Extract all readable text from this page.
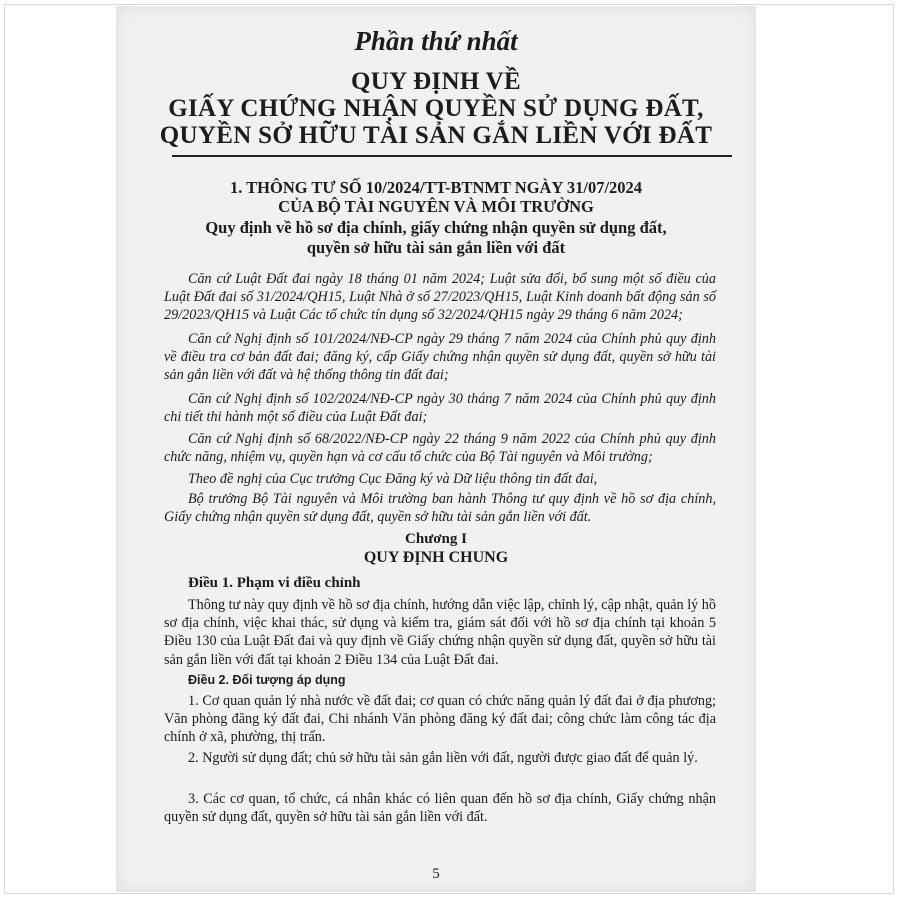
Phần thứ nhất
QUY ĐỊNH VỀ
GIẤY CHỨNG NHẬN QUYỀN SỬ DỤNG ĐẤT,
QUYỀN SỞ HỮU TÀI SẢN GẮN LIỀN VỚI ĐẤT
1. THÔNG TƯ SỐ 10/2024/TT-BTNMT NGÀY 31/07/2024
CỦA BỘ TÀI NGUYÊN VÀ MÔI TRƯỜNG
Quy định về hồ sơ địa chính, giấy chứng nhận quyền sử dụng đất,
quyền sở hữu tài sản gắn liền với đất
Căn cứ Luật Đất đai ngày 18 tháng 01 năm 2024; Luật sửa đổi, bổ sung một số điều của Luật Đất đai số 31/2024/QH15, Luật Nhà ở số 27/2023/QH15, Luật Kinh doanh bất động sản số 29/2023/QH15 và Luật Các tổ chức tín dụng số 32/2024/QH15 ngày 29 tháng 6 năm 2024;
Căn cứ Nghị định số 101/2024/NĐ-CP ngày 29 tháng 7 năm 2024 của Chính phủ quy định về điều tra cơ bản đất đai; đăng ký, cấp Giấy chứng nhận quyền sử dụng đất, quyền sở hữu tài sản gắn liền với đất và hệ thống thông tin đất đai;
Căn cứ Nghị định số 102/2024/NĐ-CP ngày 30 tháng 7 năm 2024 của Chính phủ quy định chi tiết thi hành một số điều của Luật Đất đai;
Căn cứ Nghị định số 68/2022/NĐ-CP ngày 22 tháng 9 năm 2022 của Chính phủ quy định chức năng, nhiệm vụ, quyền hạn và cơ cấu tổ chức của Bộ Tài nguyên và Môi trường;
Theo đề nghị của Cục trưởng Cục Đăng ký và Dữ liệu thông tin đất đai,
Bộ trưởng Bộ Tài nguyên và Môi trường ban hành Thông tư quy định về hồ sơ địa chính, Giấy chứng nhận quyền sử dụng đất, quyền sở hữu tài sản gắn liền với đất.
Chương I
QUY ĐỊNH CHUNG
Điều 1. Phạm vi điều chỉnh
Thông tư này quy định về hồ sơ địa chính, hướng dẫn việc lập, chỉnh lý, cập nhật, quản lý hồ sơ địa chính, việc khai thác, sử dụng và kiểm tra, giám sát đối với hồ sơ địa chính tại khoản 5 Điều 130 của Luật Đất đai và quy định về Giấy chứng nhận quyền sử dụng đất, quyền sở hữu tài sản gắn liền với đất tại khoản 2 Điều 134 của Luật Đất đai.
Điều 2. Đối tượng áp dụng
1. Cơ quan quản lý nhà nước về đất đai; cơ quan có chức năng quản lý đất đai ở địa phương; Văn phòng đăng ký đất đai, Chi nhánh Văn phòng đăng ký đất đai; công chức làm công tác địa chính ở xã, phường, thị trấn.
2. Người sử dụng đất; chủ sở hữu tài sản gắn liền với đất, người được giao đất để quản lý.
3. Các cơ quan, tổ chức, cá nhân khác có liên quan đến hồ sơ địa chính, Giấy chứng nhận quyền sử dụng đất, quyền sở hữu tài sản gắn liền với đất.
5
